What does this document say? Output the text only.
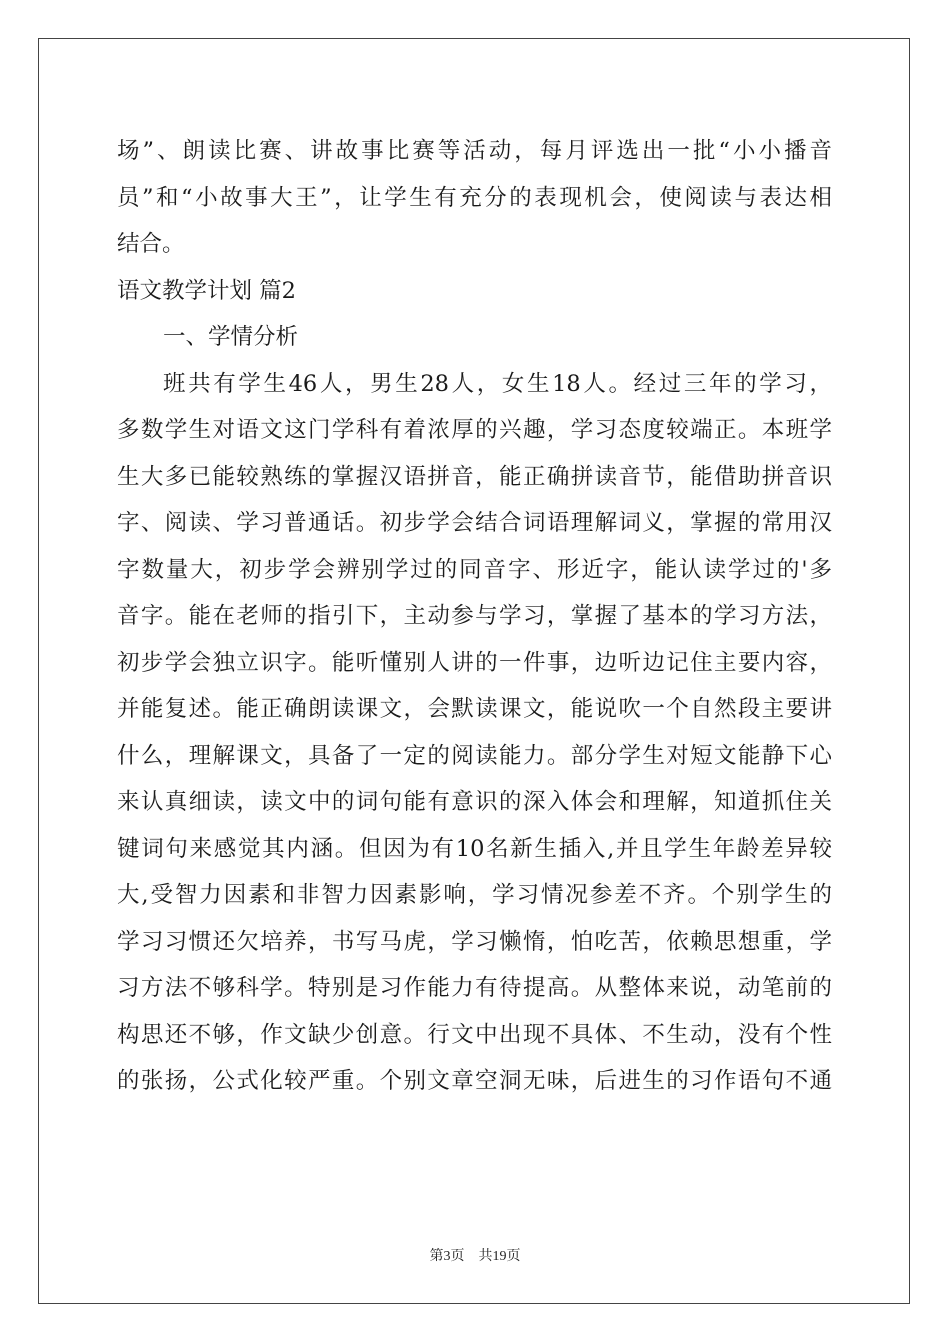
场”、朗读比赛、讲故事比赛等活动，每月评选出一批“小小播音
员”和“小故事大王”，让学生有充分的表现机会，使阅读与表达相
结合。
语文教学计划 篇2
一、学情分析
班共有学生46人，男生28人，女生18人。经过三年的学习，
多数学生对语文这门学科有着浓厚的兴趣，学习态度较端正。本班学
生大多已能较熟练的掌握汉语拼音，能正确拼读音节，能借助拼音识
字、阅读、学习普通话。初步学会结合词语理解词义，掌握的常用汉
字数量大，初步学会辨别学过的同音字、形近字，能认读学过的'多
音字。能在老师的指引下，主动参与学习，掌握了基本的学习方法，
初步学会独立识字。能听懂别人讲的一件事，边听边记住主要内容，
并能复述。能正确朗读课文，会默读课文，能说吹一个自然段主要讲
什么，理解课文，具备了一定的阅读能力。部分学生对短文能静下心
来认真细读，读文中的词句能有意识的深入体会和理解，知道抓住关
键词句来感觉其内涵。但因为有10名新生插入,并且学生年龄差异较
大,受智力因素和非智力因素影响，学习情况参差不齐。个别学生的
学习习惯还欠培养，书写马虎，学习懒惰，怕吃苦，依赖思想重，学
习方法不够科学。特别是习作能力有待提高。从整体来说，动笔前的
构思还不够，作文缺少创意。行文中出现不具体、不生动，没有个性
的张扬，公式化较严重。个别文章空洞无味，后进生的习作语句不通
第3页 共19页
